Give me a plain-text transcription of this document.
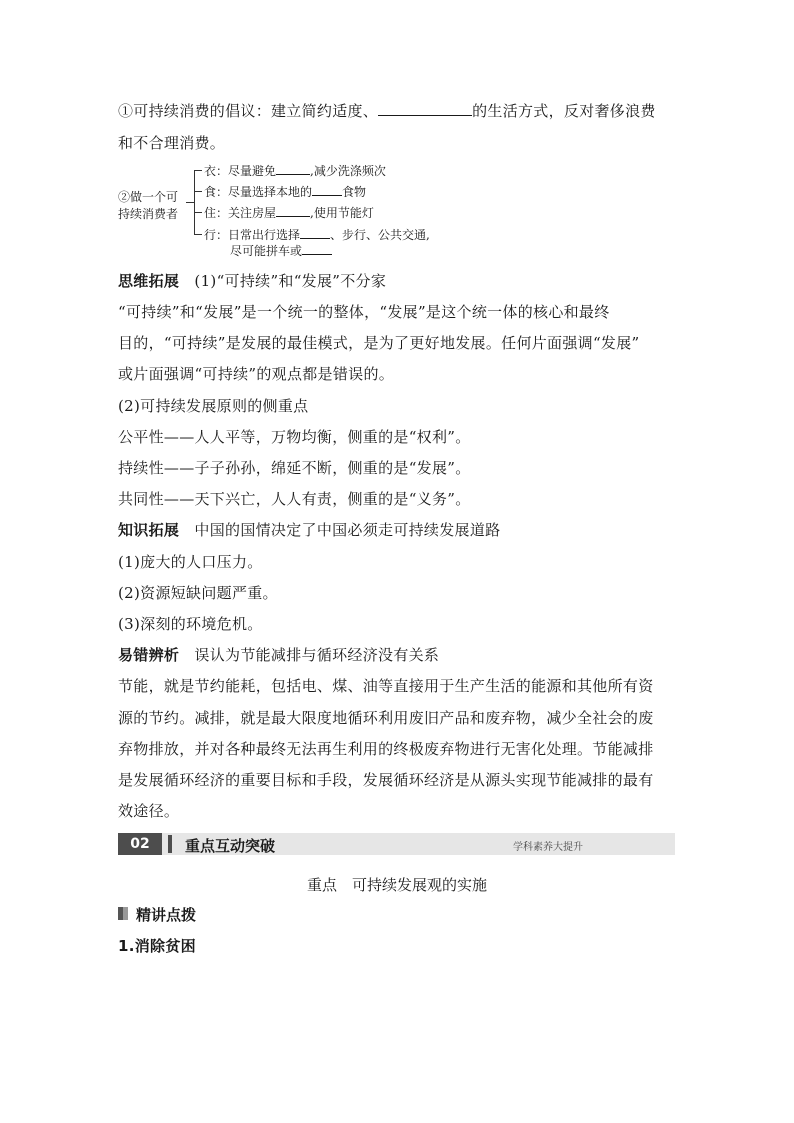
①可持续消费的倡议：建立简约适度、	的生活方式，反对奢侈浪费
和不合理消费。
②做一个可
持续消费者
衣：尽量避免	,减少洗涤频次
食：尽量选择本地的	食物
住：关注房屋	,使用节能灯
行：日常出行选择	、步行、公共交通,
尽可能拼车或
思维拓展 (1)“可持续”和“发展”不分家
“可持续”和“发展”是一个统一的整体，“发展”是这个统一体的核心和最终
目的，“可持续”是发展的最佳模式，是为了更好地发展。任何片面强调“发展”
或片面强调“可持续”的观点都是错误的。
(2)可持续发展原则的侧重点
公平性——人人平等，万物均衡，侧重的是“权利”。
持续性——子子孙孙，绵延不断，侧重的是“发展”。
共同性——天下兴亡，人人有责，侧重的是“义务”。
知识拓展 中国的国情决定了中国必须走可持续发展道路
(1)庞大的人口压力。
(2)资源短缺问题严重。
(3)深刻的环境危机。
易错辨析 误认为节能减排与循环经济没有关系
节能，就是节约能耗，包括电、煤、油等直接用于生产生活的能源和其他所有资
源的节约。减排，就是最大限度地循环利用废旧产品和废弃物，减少全社会的废
弃物排放，并对各种最终无法再生利用的终极废弃物进行无害化处理。节能减排
是发展循环经济的重要目标和手段，发展循环经济是从源头实现节能减排的最有
效途径。
02	重点互动突破	学科素养大提升
重点　可持续发展观的实施
精讲点拨
1.消除贫困
